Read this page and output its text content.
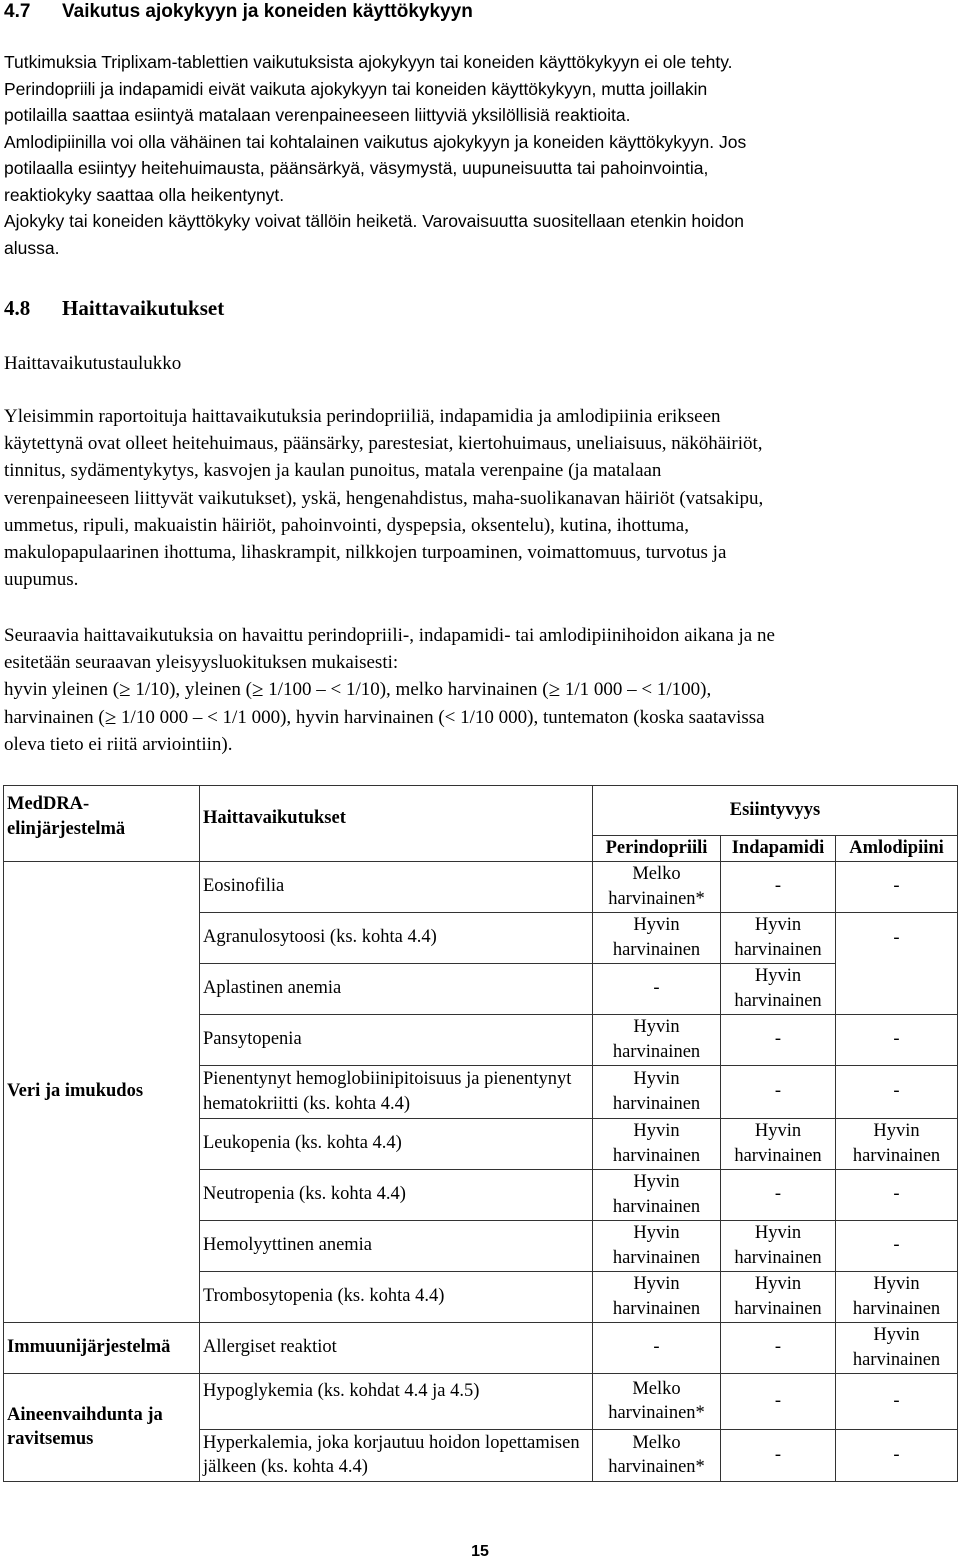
4.7 Vaikutus ajokykyyn ja koneiden käyttökykyyn
Tutkimuksia Triplixam-tablettien vaikutuksista ajokykyyn tai koneiden käyttökykyyn ei ole tehty.
Perindopriili ja indapamidi eivät vaikuta ajokykyyn tai koneiden käyttökykyyn, mutta joillakin
potilailla saattaa esiintyä matalaan verenpaineeseen liittyviä yksilöllisiä reaktioita.
Amlodipiinilla voi olla vähäinen tai kohtalainen vaikutus ajokykyyn ja koneiden käyttökykyyn. Jos
potilaalla esiintyy heitehuimausta, päänsärkyä, väsymystä, uupuneisuutta tai pahoinvointia,
reaktiokyky saattaa olla heikentynyt.
Ajokyky tai koneiden käyttökyky voivat tällöin heiketä. Varovaisuutta suositellaan etenkin hoidon
alussa.
4.8 Haittavaikutukset
Haittavaikutustaulukko
Yleisimmin raportoituja haittavaikutuksia perindopriiliä, indapamidia ja amlodipiinia erikseen
käytettynä ovat olleet heitehuimaus, päänsärky, parestesiat, kiertohuimaus, uneliaisuus, näköhäiriöt,
tinnitus, sydämentykytys, kasvojen ja kaulan punoitus, matala verenpaine (ja matalaan
verenpaineeseen liittyvät vaikutukset), yskä, hengenahdistus, maha-suolikanavan häiriöt (vatsakipu,
ummetus, ripuli, makuaistin häiriöt, pahoinvointi, dyspepsia, oksentelu), kutina, ihottuma,
makulopapulaarinen ihottuma, lihaskrampit, nilkkojen turpoaminen, voimattomuus, turvotus ja
uupumus.
Seuraavia haittavaikutuksia on havaittu perindopriili-, indapamidi- tai amlodipiinihoidon aikana ja ne
esitetään seuraavan yleisyysluokituksen mukaisesti:
hyvin yleinen (≥ 1/10), yleinen (≥ 1/100 – < 1/10), melko harvinainen (≥ 1/1 000 – < 1/100),
harvinainen (≥ 1/10 000 – < 1/1 000), hyvin harvinainen (< 1/10 000), tuntematon (koska saatavissa
oleva tieto ei riitä arviointiin).
MedDRA-elinjärjestelmä	Haittavaikutukset	Esiintyvyys		
		Perindopriili	Indapamidi	Amlodipiini
Veri ja imukudos	Eosinofilia	Melko harvinainen*	-	-
	Agranulosytoosi (ks. kohta 4.4)	Hyvin harvinainen	Hyvin harvinainen	-
	Aplastinen anemia	-	Hyvin harvinainen	
	Pansytopenia	Hyvin harvinainen	-	-
	Pienentynyt hemoglobiinipitoisuus ja pienentynyt hematokriitti (ks. kohta 4.4)	Hyvin harvinainen	-	-
	Leukopenia (ks. kohta 4.4)	Hyvin harvinainen	Hyvin harvinainen	Hyvin harvinainen
	Neutropenia (ks. kohta 4.4)	Hyvin harvinainen	-	-
	Hemolyyttinen anemia	Hyvin harvinainen	Hyvin harvinainen	-
	Trombosytopenia (ks. kohta 4.4)	Hyvin harvinainen	Hyvin harvinainen	Hyvin harvinainen
Immuunijärjestelmä	Allergiset reaktiot	-	-	Hyvin harvinainen
Aineenvaihdunta ja ravitsemus	Hypoglykemia (ks. kohdat 4.4 ja 4.5)	Melko harvinainen*	-	-
	Hyperkalemia, joka korjautuu hoidon lopettamisen jälkeen (ks. kohta 4.4)	Melko harvinainen*	-	-
15
